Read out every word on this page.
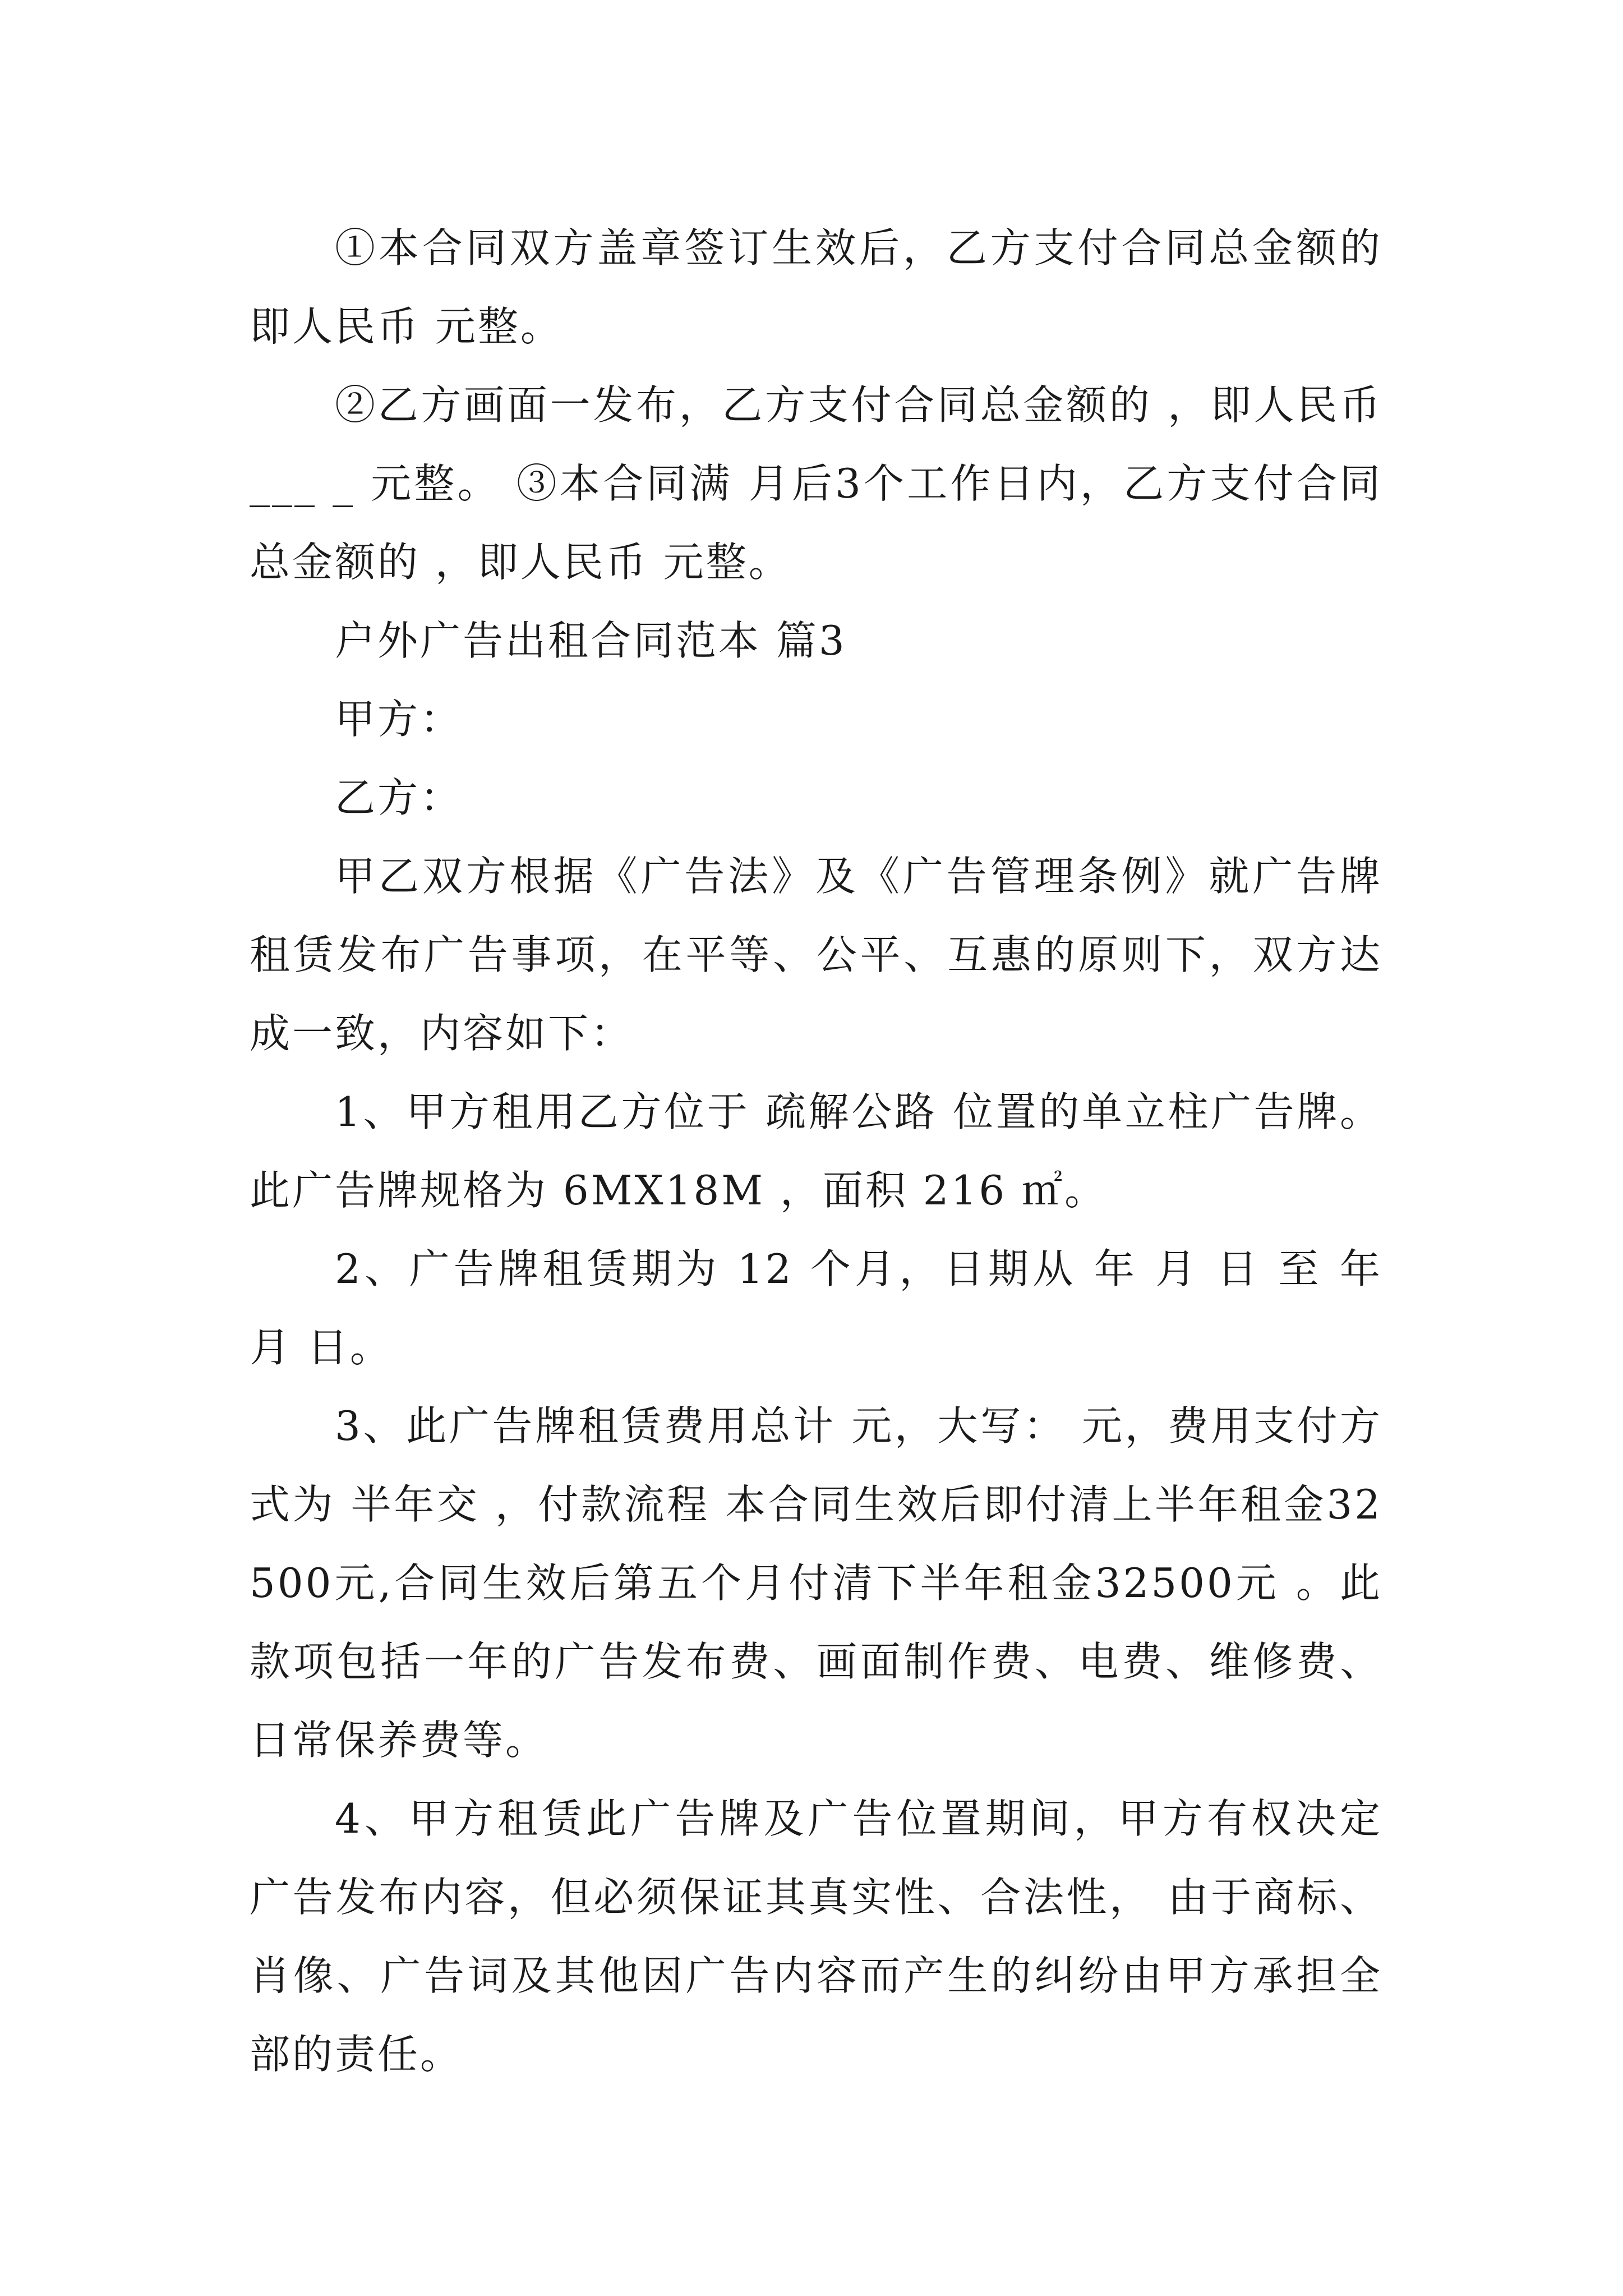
①本合同双方盖章签订生效后，乙方支付合同总金额的即人民币 元整。

②乙方画面一发布，乙方支付合同总金额的 ，即人民币___ _ 元整。 ③本合同满 月后3个工作日内，乙方支付合同总金额的 ，即人民币 元整。

户外广告出租合同范本 篇3

甲方：

乙方：

甲乙双方根据《广告法》及《广告管理条例》就广告牌租赁发布广告事项，在平等、公平、互惠的原则下，双方达成一致，内容如下：

1、甲方租用乙方位于 疏解公路 位置的单立柱广告牌。此广告牌规格为 6MX18M ，面积 216 ㎡。

2、广告牌租赁期为 12 个月，日期从 年 月 日 至 年 月 日。

3、此广告牌租赁费用总计 元，大写： 元，费用支付方式为 半年交 ，付款流程 本合同生效后即付清上半年租金32500元,合同生效后第五个月付清下半年租金32500元 。此款项包括一年的广告发布费、画面制作费、电费、维修费、日常保养费等。

4、甲方租赁此广告牌及广告位置期间，甲方有权决定广告发布内容，但必须保证其真实性、合法性， 由于商标、肖像、广告词及其他因广告内容而产生的纠纷由甲方承担全部的责任。
